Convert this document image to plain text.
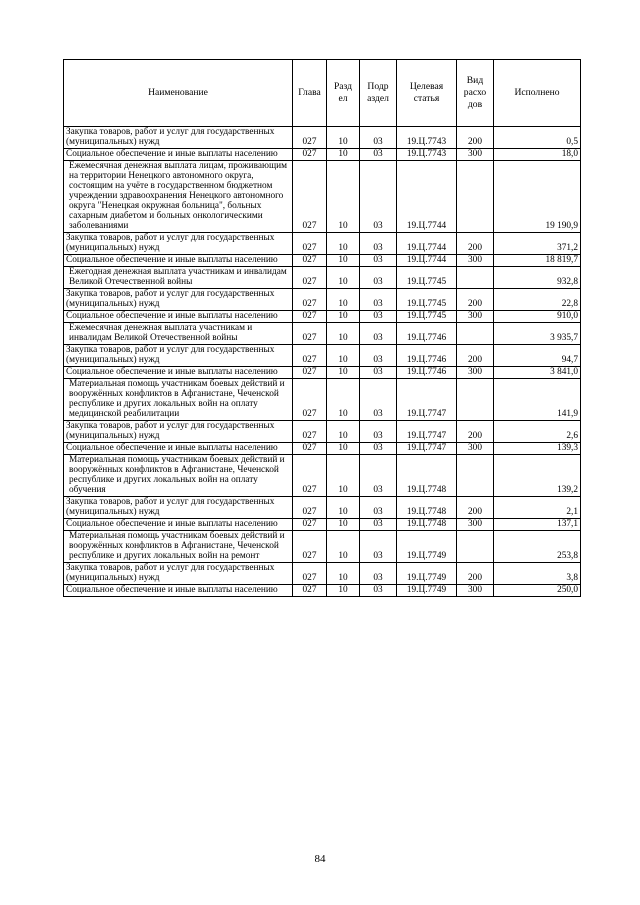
Наименование	Глава	Разд ел	Подр аздел	Целевая статья	Вид расхо дов	Исполнено
Закупка товаров, работ и услуг для государственных (муниципальных) нужд	027	10	03	19.Ц.7743	200	0,5
Социальное обеспечение и иные выплаты населению	027	10	03	19.Ц.7743	300	18,0
Ежемесячная денежная выплата лицам, проживающим на территории Ненецкого автономного округа, состоящим на учёте в государственном бюджетном учреждении здравоохранения Ненецкого автономного округа "Ненецкая окружная больница", больных сахарным диабетом и больных онкологическими заболеваниями	027	10	03	19.Ц.7744		19 190,9
Закупка товаров, работ и услуг для государственных (муниципальных) нужд	027	10	03	19.Ц.7744	200	371,2
Социальное обеспечение и иные выплаты населению	027	10	03	19.Ц.7744	300	18 819,7
Ежегодная денежная выплата участникам и инвалидам Великой Отечественной войны	027	10	03	19.Ц.7745		932,8
Закупка товаров, работ и услуг для государственных (муниципальных) нужд	027	10	03	19.Ц.7745	200	22,8
Социальное обеспечение и иные выплаты населению	027	10	03	19.Ц.7745	300	910,0
Ежемесячная денежная выплата участникам и инвалидам Великой Отечественной войны	027	10	03	19.Ц.7746		3 935,7
Закупка товаров, работ и услуг для государственных (муниципальных) нужд	027	10	03	19.Ц.7746	200	94,7
Социальное обеспечение и иные выплаты населению	027	10	03	19.Ц.7746	300	3 841,0
Материальная помощь участникам боевых действий и вооружённых конфликтов в Афганистане, Чеченской республике и других локальных войн на оплату медицинской реабилитации	027	10	03	19.Ц.7747		141,9
Закупка товаров, работ и услуг для государственных (муниципальных) нужд	027	10	03	19.Ц.7747	200	2,6
Социальное обеспечение и иные выплаты населению	027	10	03	19.Ц.7747	300	139,3
Материальная помощь участникам боевых действий и вооружённых конфликтов в Афганистане, Чеченской республике и других локальных войн на оплату обучения	027	10	03	19.Ц.7748		139,2
Закупка товаров, работ и услуг для государственных (муниципальных) нужд	027	10	03	19.Ц.7748	200	2,1
Социальное обеспечение и иные выплаты населению	027	10	03	19.Ц.7748	300	137,1
Материальная помощь участникам боевых действий и вооружённых конфликтов в Афганистане, Чеченской республике и других локальных войн на ремонт	027	10	03	19.Ц.7749		253,8
Закупка товаров, работ и услуг для государственных (муниципальных) нужд	027	10	03	19.Ц.7749	200	3,8
Социальное обеспечение и иные выплаты населению	027	10	03	19.Ц.7749	300	250,0
84
